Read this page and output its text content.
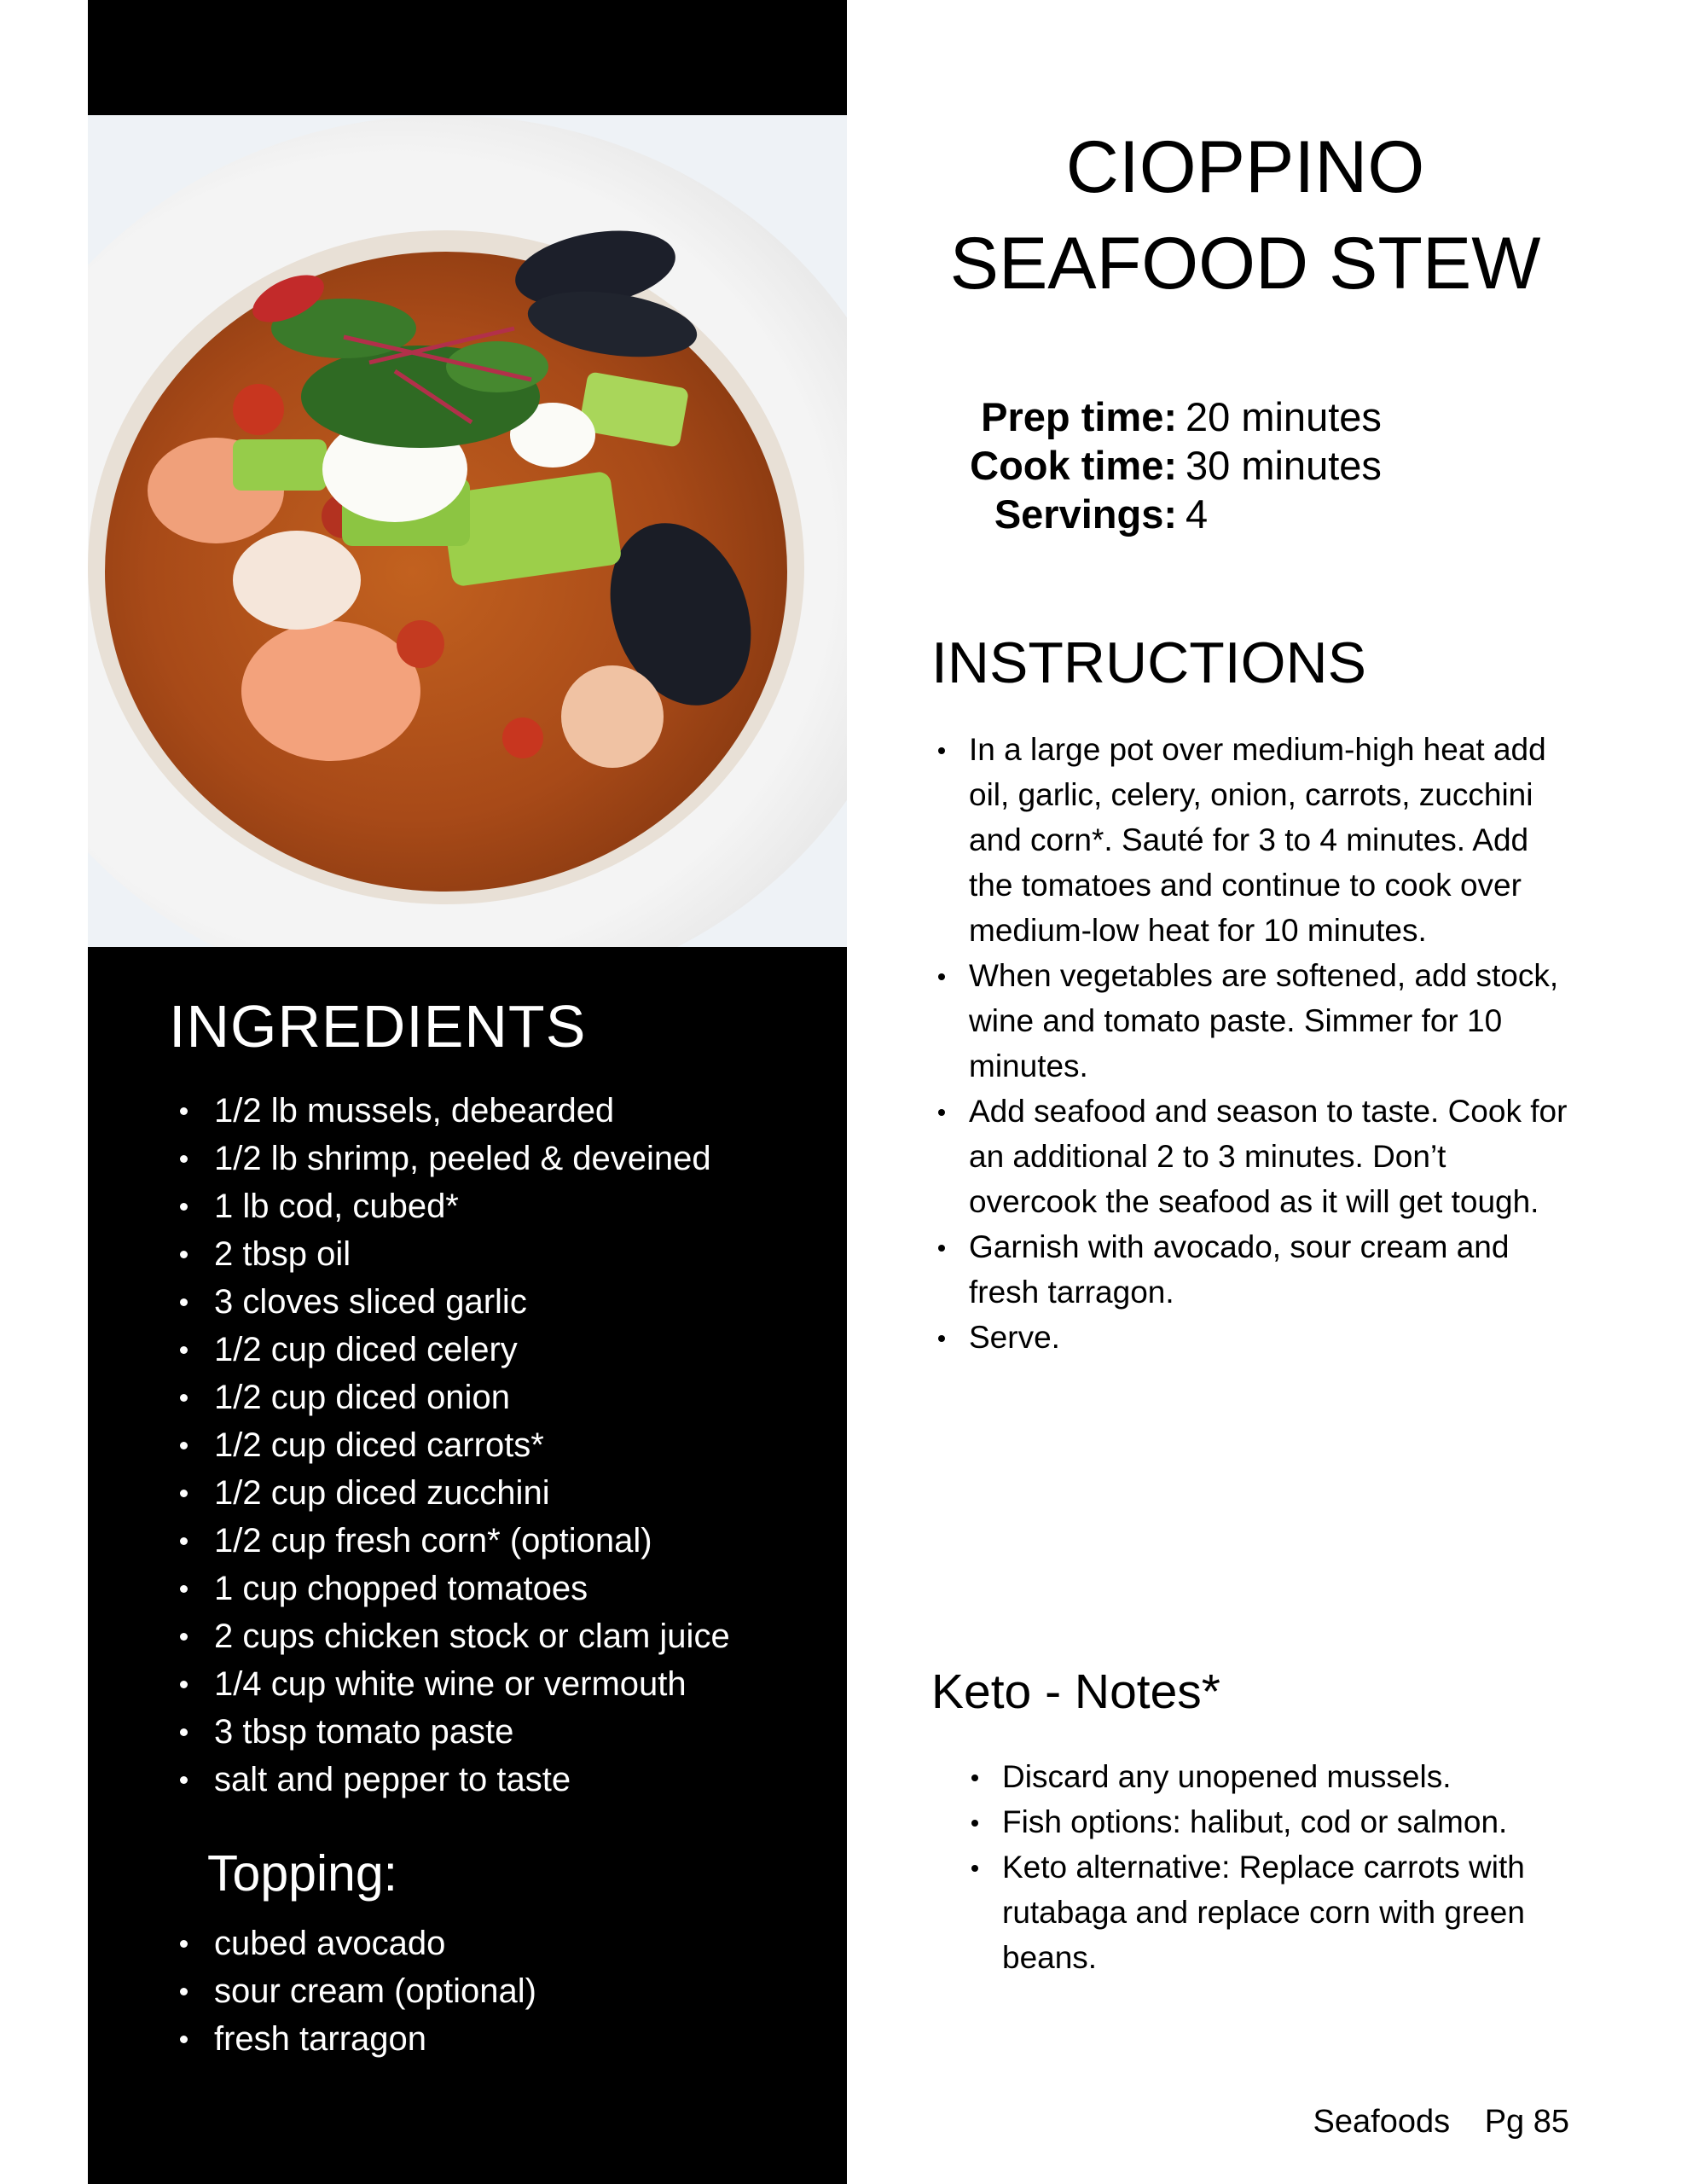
INGREDIENTS
1/2 lb mussels, debearded
1/2 lb shrimp, peeled & deveined
1 lb cod, cubed*
2 tbsp oil
3 cloves sliced garlic
1/2 cup diced celery
1/2 cup diced onion
1/2 cup diced carrots*
1/2 cup diced zucchini
1/2 cup fresh corn* (optional)
1 cup chopped tomatoes
2 cups chicken stock or clam juice
1/4 cup white wine or vermouth
3 tbsp tomato paste
salt and pepper to taste
Topping:
cubed avocado
sour cream (optional)
fresh tarragon
CIOPPINO
SEAFOOD STEW
Prep time: 20 minutes
Cook time: 30 minutes
Servings: 4
INSTRUCTIONS
In a large pot over medium-high heat add oil, garlic, celery, onion, carrots, zucchini and corn*. Sauté for 3 to 4 minutes. Add the tomatoes and continue to cook over medium-low heat for 10 minutes.
When vegetables are softened, add stock, wine and tomato paste. Simmer for 10 minutes.
Add seafood and season to taste. Cook for an additional 2 to 3 minutes. Don’t overcook the seafood as it will get tough.
Garnish with avocado, sour cream and fresh tarragon.
Serve.
Keto - Notes*
Discard any unopened mussels.
Fish options: halibut, cod or salmon.
Keto alternative: Replace carrots with rutabaga and replace corn with green beans.
Seafoods Pg 85
